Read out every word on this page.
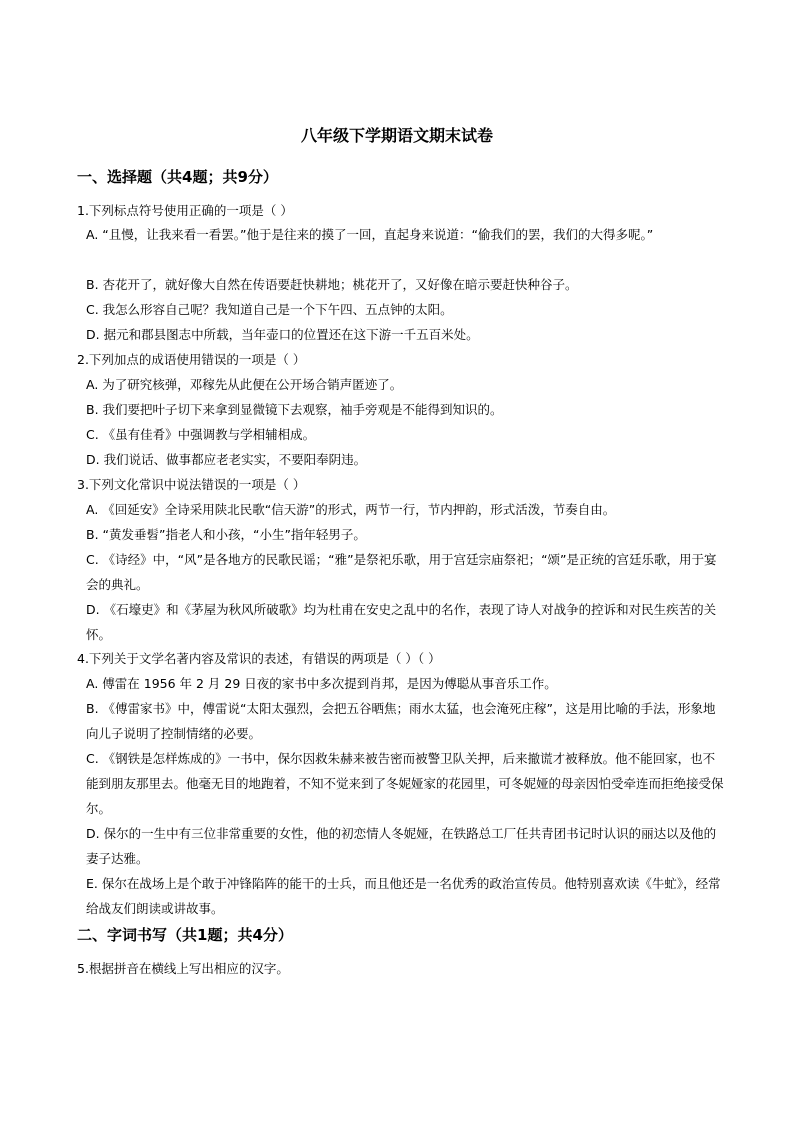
八年级下学期语文期末试卷
一、选择题（共4题；共9分）
1.下列标点符号使用正确的一项是（ ）
A. “且慢，让我来看一看罢。”他于是往来的摸了一回，直起身来说道：“偷我们的罢，我们的大得多呢。”
B. 杏花开了，就好像大自然在传语要赶快耕地；桃花开了，又好像在暗示要赶快种谷子。
C. 我怎么形容自己呢？我知道自己是一个下午四、五点钟的太阳。
D. 据元和郡县图志中所载，当年壶口的位置还在这下游一千五百米处。
2.下列加点的成语使用错误的一项是（ ）
A. 为了研究核弹，邓稼先从此便在公开场合销声匿迹了。
B. 我们要把叶子切下来拿到显微镜下去观察，袖手旁观是不能得到知识的。
C. 《虽有佳肴》中强调教与学相辅相成。
D. 我们说话、做事都应老老实实，不要阳奉阴违。
3.下列文化常识中说法错误的一项是（ ）
A. 《回延安》全诗采用陕北民歌“信天游”的形式，两节一行，节内押韵，形式活泼，节奏自由。
B. “黄发垂髫”指老人和小孩，“小生”指年轻男子。
C. 《诗经》中，“风”是各地方的民歌民谣；“雅”是祭祀乐歌，用于宫廷宗庙祭祀；“颂”是正统的宫廷乐歌，用于宴会的典礼。
D. 《石壕吏》和《茅屋为秋风所破歌》均为杜甫在安史之乱中的名作，表现了诗人对战争的控诉和对民生疾苦的关怀。
4.下列关于文学名著内容及常识的表述，有错误的两项是（ ）（ ）
A. 傅雷在 1956 年 2 月 29 日夜的家书中多次提到肖邦，是因为傅聪从事音乐工作。
B. 《傅雷家书》中，傅雷说“太阳太强烈，会把五谷晒焦；雨水太猛，也会淹死庄稼”，这是用比喻的手法，形象地向儿子说明了控制情绪的必要。
C. 《钢铁是怎样炼成的》一书中，保尔因救朱赫来被告密而被警卫队关押，后来撤谎才被释放。他不能回家，也不能到朋友那里去。他毫无目的地跑着，不知不觉来到了冬妮娅家的花园里，可冬妮娅的母亲因怕受牵连而拒绝接受保尔。
D. 保尔的一生中有三位非常重要的女性，他的初恋情人冬妮娅，在铁路总工厂任共青团书记时认识的丽达以及他的妻子达雅。
E. 保尔在战场上是个敢于冲锋陷阵的能干的士兵，而且他还是一名优秀的政治宣传员。他特别喜欢读《牛虻》，经常给战友们朗读或讲故事。
二、字词书写（共1题；共4分）
5.根据拼音在横线上写出相应的汉字。
